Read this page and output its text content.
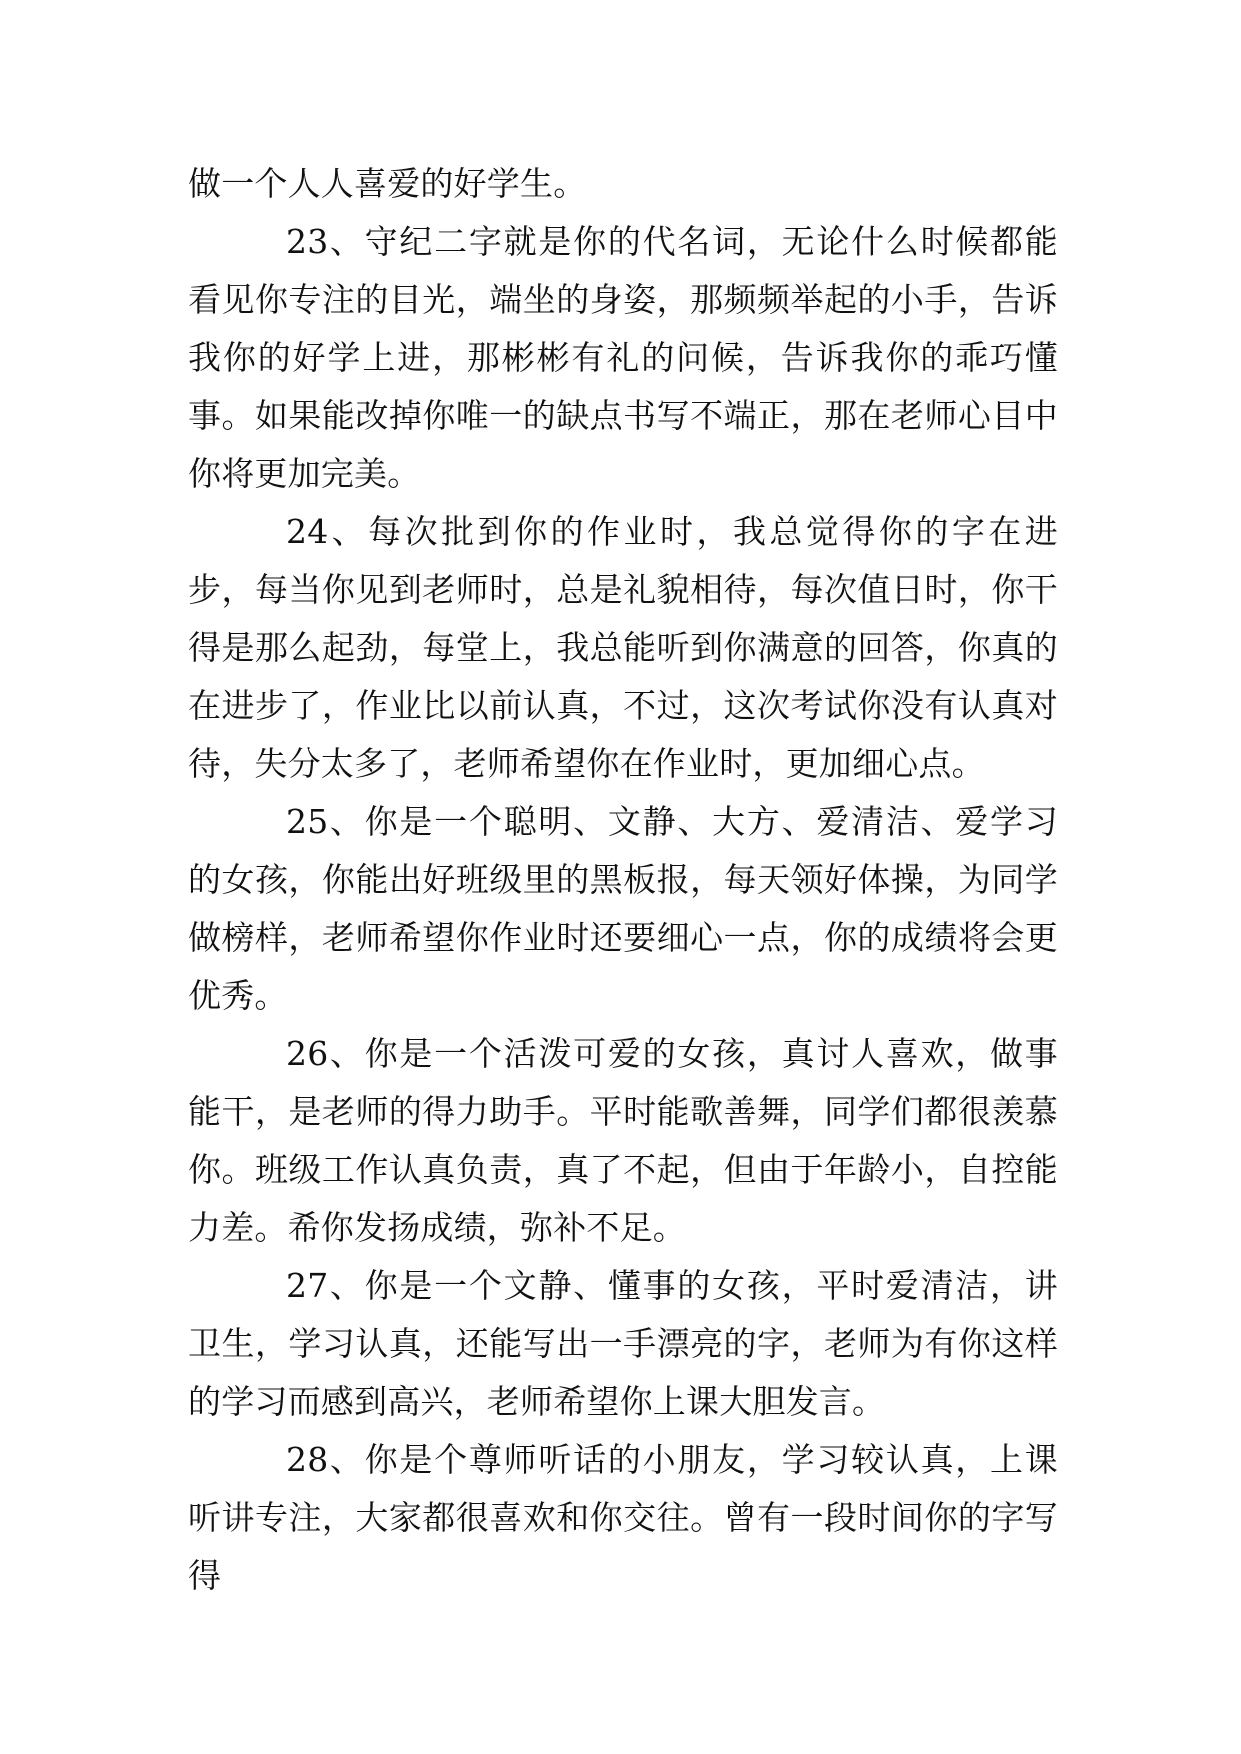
做一个人人喜爱的好学生。

23、守纪二字就是你的代名词，无论什么时候都能看见你专注的目光，端坐的身姿，那频频举起的小手，告诉我你的好学上进，那彬彬有礼的问候，告诉我你的乖巧懂事。如果能改掉你唯一的缺点书写不端正，那在老师心目中你将更加完美。

24、每次批到你的作业时，我总觉得你的字在进步，每当你见到老师时，总是礼貌相待，每次值日时，你干得是那么起劲，每堂上，我总能听到你满意的回答，你真的在进步了，作业比以前认真，不过，这次考试你没有认真对待，失分太多了，老师希望你在作业时，更加细心点。

25、你是一个聪明、文静、大方、爱清洁、爱学习的女孩，你能出好班级里的黑板报，每天领好体操，为同学做榜样，老师希望你作业时还要细心一点，你的成绩将会更优秀。

26、你是一个活泼可爱的女孩，真讨人喜欢，做事能干，是老师的得力助手。平时能歌善舞，同学们都很羡慕你。班级工作认真负责，真了不起，但由于年龄小，自控能力差。希你发扬成绩，弥补不足。

27、你是一个文静、懂事的女孩，平时爱清洁，讲卫生，学习认真，还能写出一手漂亮的字，老师为有你这样的学习而感到高兴，老师希望你上课大胆发言。

28、你是个尊师听话的小朋友，学习较认真，上课听讲专注，大家都很喜欢和你交往。曾有一段时间你的字写得
